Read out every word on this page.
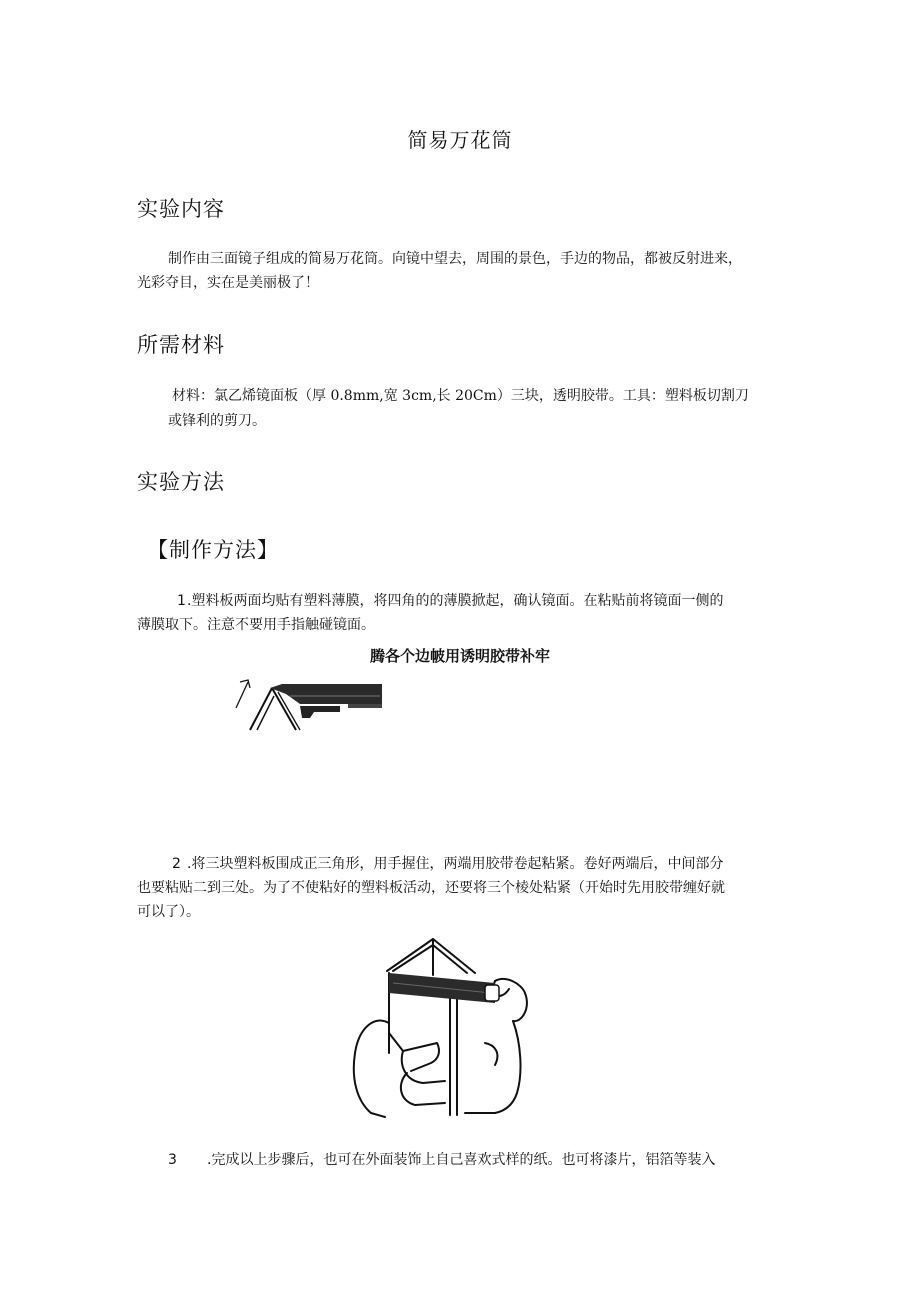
简易万花筒
实验内容
制作由三面镜子组成的简易万花筒。向镜中望去，周围的景色，手边的物品，都被反射进来，
光彩夺目，实在是美丽极了！
所需材料
材料：氯乙烯镜面板（厚 0.8mm,宽 3cm,长 20Cm）三块，透明胶带。工具：塑料板切割刀
或锋利的剪刀。
实验方法
【制作方法】
1 .塑料板两面均贴有塑料薄膜，将四角的的薄膜掀起，确认镜面。在粘贴前将镜面一侧的
薄膜取下。注意不要用手指触碰镜面。
腾各个边帔用诱明胶带补牢
2 .将三块塑料板围成正三角形，用手握住，两端用胶带卷起粘紧。卷好两端后，中间部分
也要粘贴二到三处。为了不使粘好的塑料板活动，还要将三个棱处粘紧（开始时先用胶带缠好就
可以了）。
3 .完成以上步骤后，也可在外面装饰上自己喜欢式样的纸。也可将漆片，铝箔等装入
